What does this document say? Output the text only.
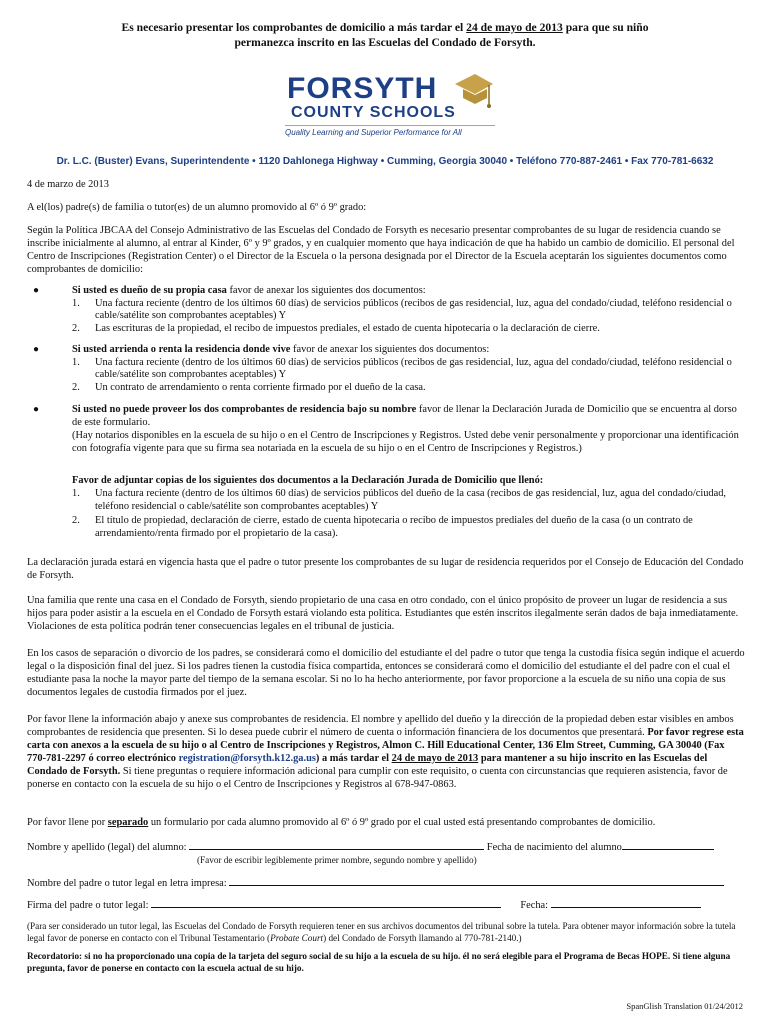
Es necesario presentar los comprobantes de domicilio a más tardar el 24 de mayo de 2013 para que su niño
permanezca inscrito en las Escuelas del Condado de Forsyth.
FORSYTH
COUNTY SCHOOLS
Quality Learning and Superior Performance for All
Dr. L.C. (Buster) Evans, Superintendente • 1120 Dahlonega Highway • Cumming, Georgia 30040 • Teléfono 770-887-2461 • Fax 770-781-6632
4 de marzo de 2013
A el(los) padre(s) de familia o tutor(es) de un alumno promovido al 6º ó 9º grado:
Según la Política JBCAA del Consejo Administrativo de las Escuelas del Condado de Forsyth es necesario presentar comprobantes de su lugar de residencia cuando se inscribe inicialmente al alumno, al entrar al Kinder, 6º y 9º grados, y en cualquier momento que haya indicación de que ha habido un cambio de domicilio. El personal del Centro de Inscripciones (Registration Center) o el Director de la Escuela o la persona designada por el Director de la Escuela aceptarán los siguientes documentos como comprobantes de domicilio:
●	Si usted es dueño de su propia casa favor de anexar los siguientes dos documentos:
1.	Una factura reciente (dentro de los últimos 60 días) de servicios públicos (recibos de gas residencial, luz, agua del condado/ciudad, teléfono residencial o cable/satélite son comprobantes aceptables) Y
2.	Las escrituras de la propiedad, el recibo de impuestos prediales, el estado de cuenta hipotecaria o la declaración de cierre.
●	Si usted arrienda o renta la residencia donde vive favor de anexar los siguientes dos documentos:
1.	Una factura reciente (dentro de los últimos 60 días) de servicios públicos (recibos de gas residencial, luz, agua del condado/ciudad, teléfono residencial o cable/satélite son comprobantes aceptables) Y
2.	Un contrato de arrendamiento o renta corriente firmado por el dueño de la casa.
●	Si usted no puede proveer los dos comprobantes de residencia bajo su nombre favor de llenar la Declaración Jurada de Domicilio que se encuentra al dorso de este formulario.
(Hay notarios disponibles en la escuela de su hijo o en el Centro de Inscripciones y Registros. Usted debe venir personalmente y proporcionar una identificación con fotografía vigente para que su firma sea notariada en la escuela de su hijo o en el Centro de Inscripciones y Registros.)
Favor de adjuntar copias de los siguientes dos documentos a la Declaración Jurada de Domicilio que llenó:
1.	Una factura reciente (dentro de los últimos 60 días) de servicios públicos del dueño de la casa (recibos de gas residencial, luz, agua del condado/ciudad, teléfono residencial o cable/satélite son comprobantes aceptables) Y
2.	El título de propiedad, declaración de cierre, estado de cuenta hipotecaria o recibo de impuestos prediales del dueño de la casa (o un contrato de arrendamiento/renta firmado por el propietario de la casa).
La declaración jurada estará en vigencia hasta que el padre o tutor presente los comprobantes de su lugar de residencia requeridos por el Consejo de Educación del Condado de Forsyth.
Una familia que rente una casa en el Condado de Forsyth, siendo propietario de una casa en otro condado, con el único propósito de proveer un lugar de residencia a sus hijos para poder asistir a la escuela en el Condado de Forsyth estará violando esta política. Estudiantes que estén inscritos ilegalmente serán dados de baja inmediatamente. Violaciones de esta política podrán tener consecuencias legales en el tribunal de justicia.
En los casos de separación o divorcio de los padres, se considerará como el domicilio del estudiante el del padre o tutor que tenga la custodia física según indique el acuerdo legal o la disposición final del juez. Si los padres tienen la custodia física compartida, entonces se considerará como el domicilio del estudiante el del padre con el cual el estudiante pasa la noche la mayor parte del tiempo de la semana escolar. Si no lo ha hecho anteriormente, por favor proporcione a la escuela de su niño una copia de sus documentos legales de custodia firmados por el juez.
Por favor llene la información abajo y anexe sus comprobantes de residencia. El nombre y apellido del dueño y la dirección de la propiedad deben estar visibles en ambos comprobantes de residencia que presenten. Si lo desea puede cubrir el número de cuenta o información financiera de los documentos que presentará. Por favor regrese esta carta con anexos a la escuela de su hijo o al Centro de Inscripciones y Registros, Almon C. Hill Educational Center, 136 Elm Street, Cumming, GA 30040 (Fax 770-781-2297 ó correo electrónico registration@forsyth.k12.ga.us) a más tardar el 24 de mayo de 2013 para mantener a su hijo inscrito en las Escuelas del Condado de Forsyth. Si tiene preguntas o requiere información adicional para cumplir con este requisito, o cuenta con circunstancias que requieren asistencia, favor de ponerse en contacto con la escuela de su hijo o el Centro de Inscripciones y Registros al 678-947-0863.
Por favor llene por separado un formulario por cada alumno promovido al 6º ó 9º grado por el cual usted está presentando comprobantes de domicilio.
Nombre y apellido (legal) del alumno:	Fecha de nacimiento del alumno
(Favor de escribir legiblemente primer nombre, segundo nombre y apellido)
Nombre del padre o tutor legal en letra impresa:
Firma del padre o tutor legal:	Fecha:
(Para ser considerado un tutor legal, las Escuelas del Condado de Forsyth requieren tener en sus archivos documentos del tribunal sobre la tutela. Para obtener mayor información sobre la tutela legal favor de ponerse en contacto con el Tribunal Testamentario (Probate Court) del Condado de Forsyth llamando al 770-781-2140.)
Recordatorio: si no ha proporcionado una copia de la tarjeta del seguro social de su hijo a la escuela de su hijo. él no será elegible para el Programa de Becas HOPE. Si tiene alguna pregunta, favor de ponerse en contacto con la escuela actual de su hijo.
SpanGlish Translation 01/24/2012
